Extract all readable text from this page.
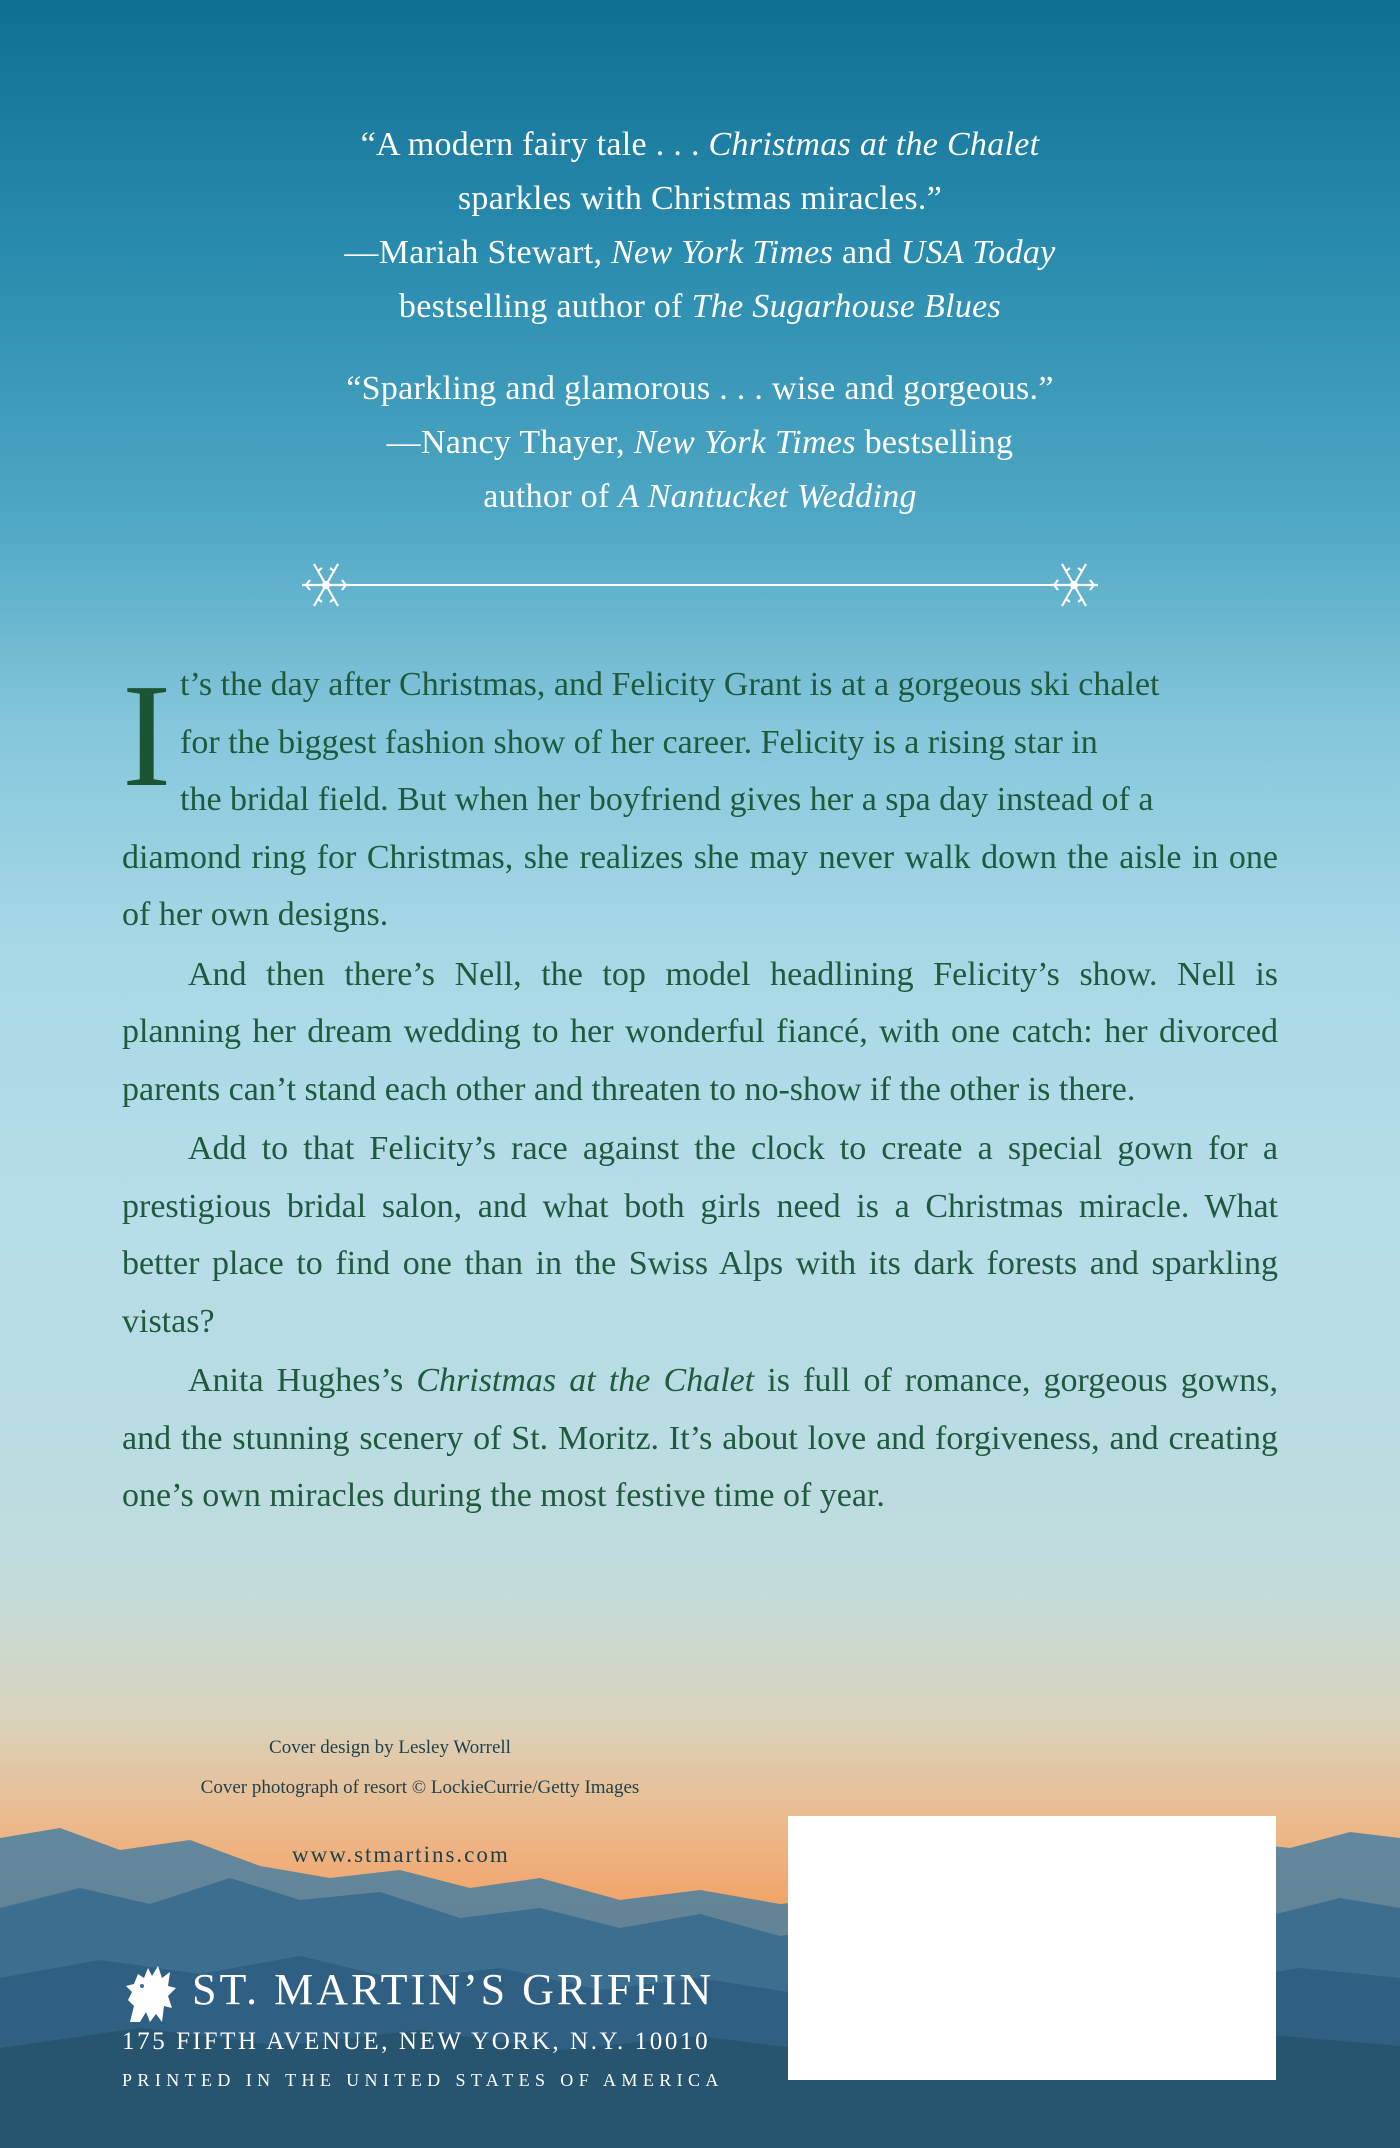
“A modern fairy tale . . . Christmas at the Chalet

sparkles with Christmas miracles.”

—Mariah Stewart, New York Times and USA Today

bestselling author of The Sugarhouse Blues

“Sparkling and glamorous . . . wise and gorgeous.”

—Nancy Thayer, New York Times bestselling

author of A Nantucket Wedding

I t’s the day after Christmas, and Felicity Grant is at a gorgeous ski chalet
for the biggest fashion show of her career. Felicity is a rising star in
the bridal field. But when her boyfriend gives her a spa day instead of a
diamond ring for Christmas, she realizes she may never walk down the aisle in one of her own designs.

And then there’s Nell, the top model headlining Felicity’s show. Nell is planning her dream wedding to her wonderful fiancé, with one catch: her divorced parents can’t stand each other and threaten to no-show if the other is there.

Add to that Felicity’s race against the clock to create a special gown for a prestigious bridal salon, and what both girls need is a Christmas miracle. What better place to find one than in the Swiss Alps with its dark forests and sparkling vistas?

Anita Hughes’s Christmas at the Chalet is full of romance, gorgeous gowns, and the stunning scenery of St. Moritz. It’s about love and forgiveness, and creating one’s own miracles during the most festive time of year.

Cover design by Lesley Worrell
Cover photograph of resort © LockieCurrie/Getty Images
www.stmartins.com
ST. MARTIN’S GRIFFIN
175 FIFTH AVENUE, NEW YORK, N.Y. 10010
PRINTED IN THE UNITED STATES OF AMERICA
